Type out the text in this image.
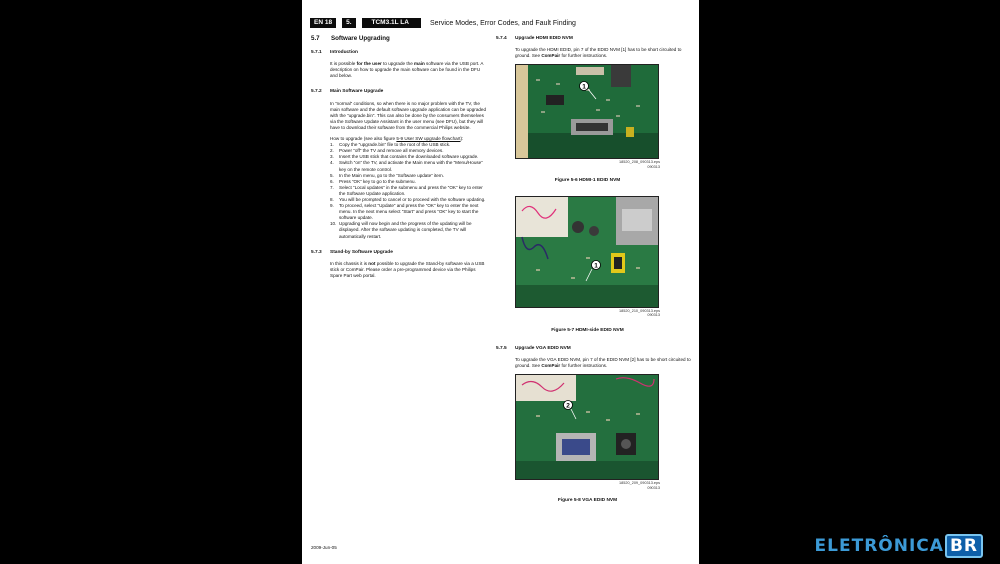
EN 18	5.	TCM3.1L LA	Service Modes, Error Codes, and Fault Finding
5.7	Software Upgrading
5.7.1	Introduction

It is possible for the user to upgrade the main software via the USB port. A description on how to upgrade the main software can be found in the DFU and below.

5.7.2	Main Software Upgrade

In “normal” conditions, so when there is no major problem with the TV, the main software and the default software upgrade application can be upgraded with the “upgrade.bin”. This can also be done by the consumers themselves via the Software Update Assistant in the user menu (see DFU), but they will have to download their software from the commercial Philips website.

How to upgrade (see also figure 5-9 User SW upgrade flowchart):

1.	Copy the “upgrade.bin” file to the root of the USB stick.
2.	Power “off” the TV and remove all memory devices.
3.	Insert the USB stick that contains the downloaded software upgrade.
4.	Switch “on” the TV, and activate the Main menu with the “Menu/House” key on the remote control.
5.	In the Main menu, go to the “Software update” item.
6.	Press “OK” key to go to the submenu.
7.	Select “Local updates” in the submenu and press the “OK” key to enter the Software Update application.
8.	You will be prompted to cancel or to proceed with the software updating.
9.	To proceed, select “Update” and press the “OK” key to enter the next menu. In the next menu select “Start” and press “OK” key to start the software update.
10. Upgrading will now begin and the progress of the updating will be displayed. After the software updating is completed, the TV will automatically restart.
5.7.3	Stand-by Software Upgrade

In this chassis it is not possible to upgrade the Stand-by software via a USB stick or ComPair. Please order a pre-programmed device via the Philips Spare Part web portal.

5.7.4	Upgrade HDMI EDID NVM

To upgrade the HDMI EDID, pin 7 of the EDID NVM [1] has to be short circuited to ground. See ComPair for further instructions.

1
18520_208_090313.eps
090313
Figure 5-6 HDMI-1 EDID NVM
1
18520_210_090313.eps
090313
Figure 5-7 HDMI-side EDID NVM
5.7.5	Upgrade VGA EDID NVM

To upgrade the VGA EDID NVM, pin 7 of the EDID NVM [2] has to be short circuited to ground. See ComPair for further instructions.

2
18520_209_090313.eps
090313
Figure 5-8 VGA EDID NVM
2009-Jun-05	ELETRÔNICA BR
